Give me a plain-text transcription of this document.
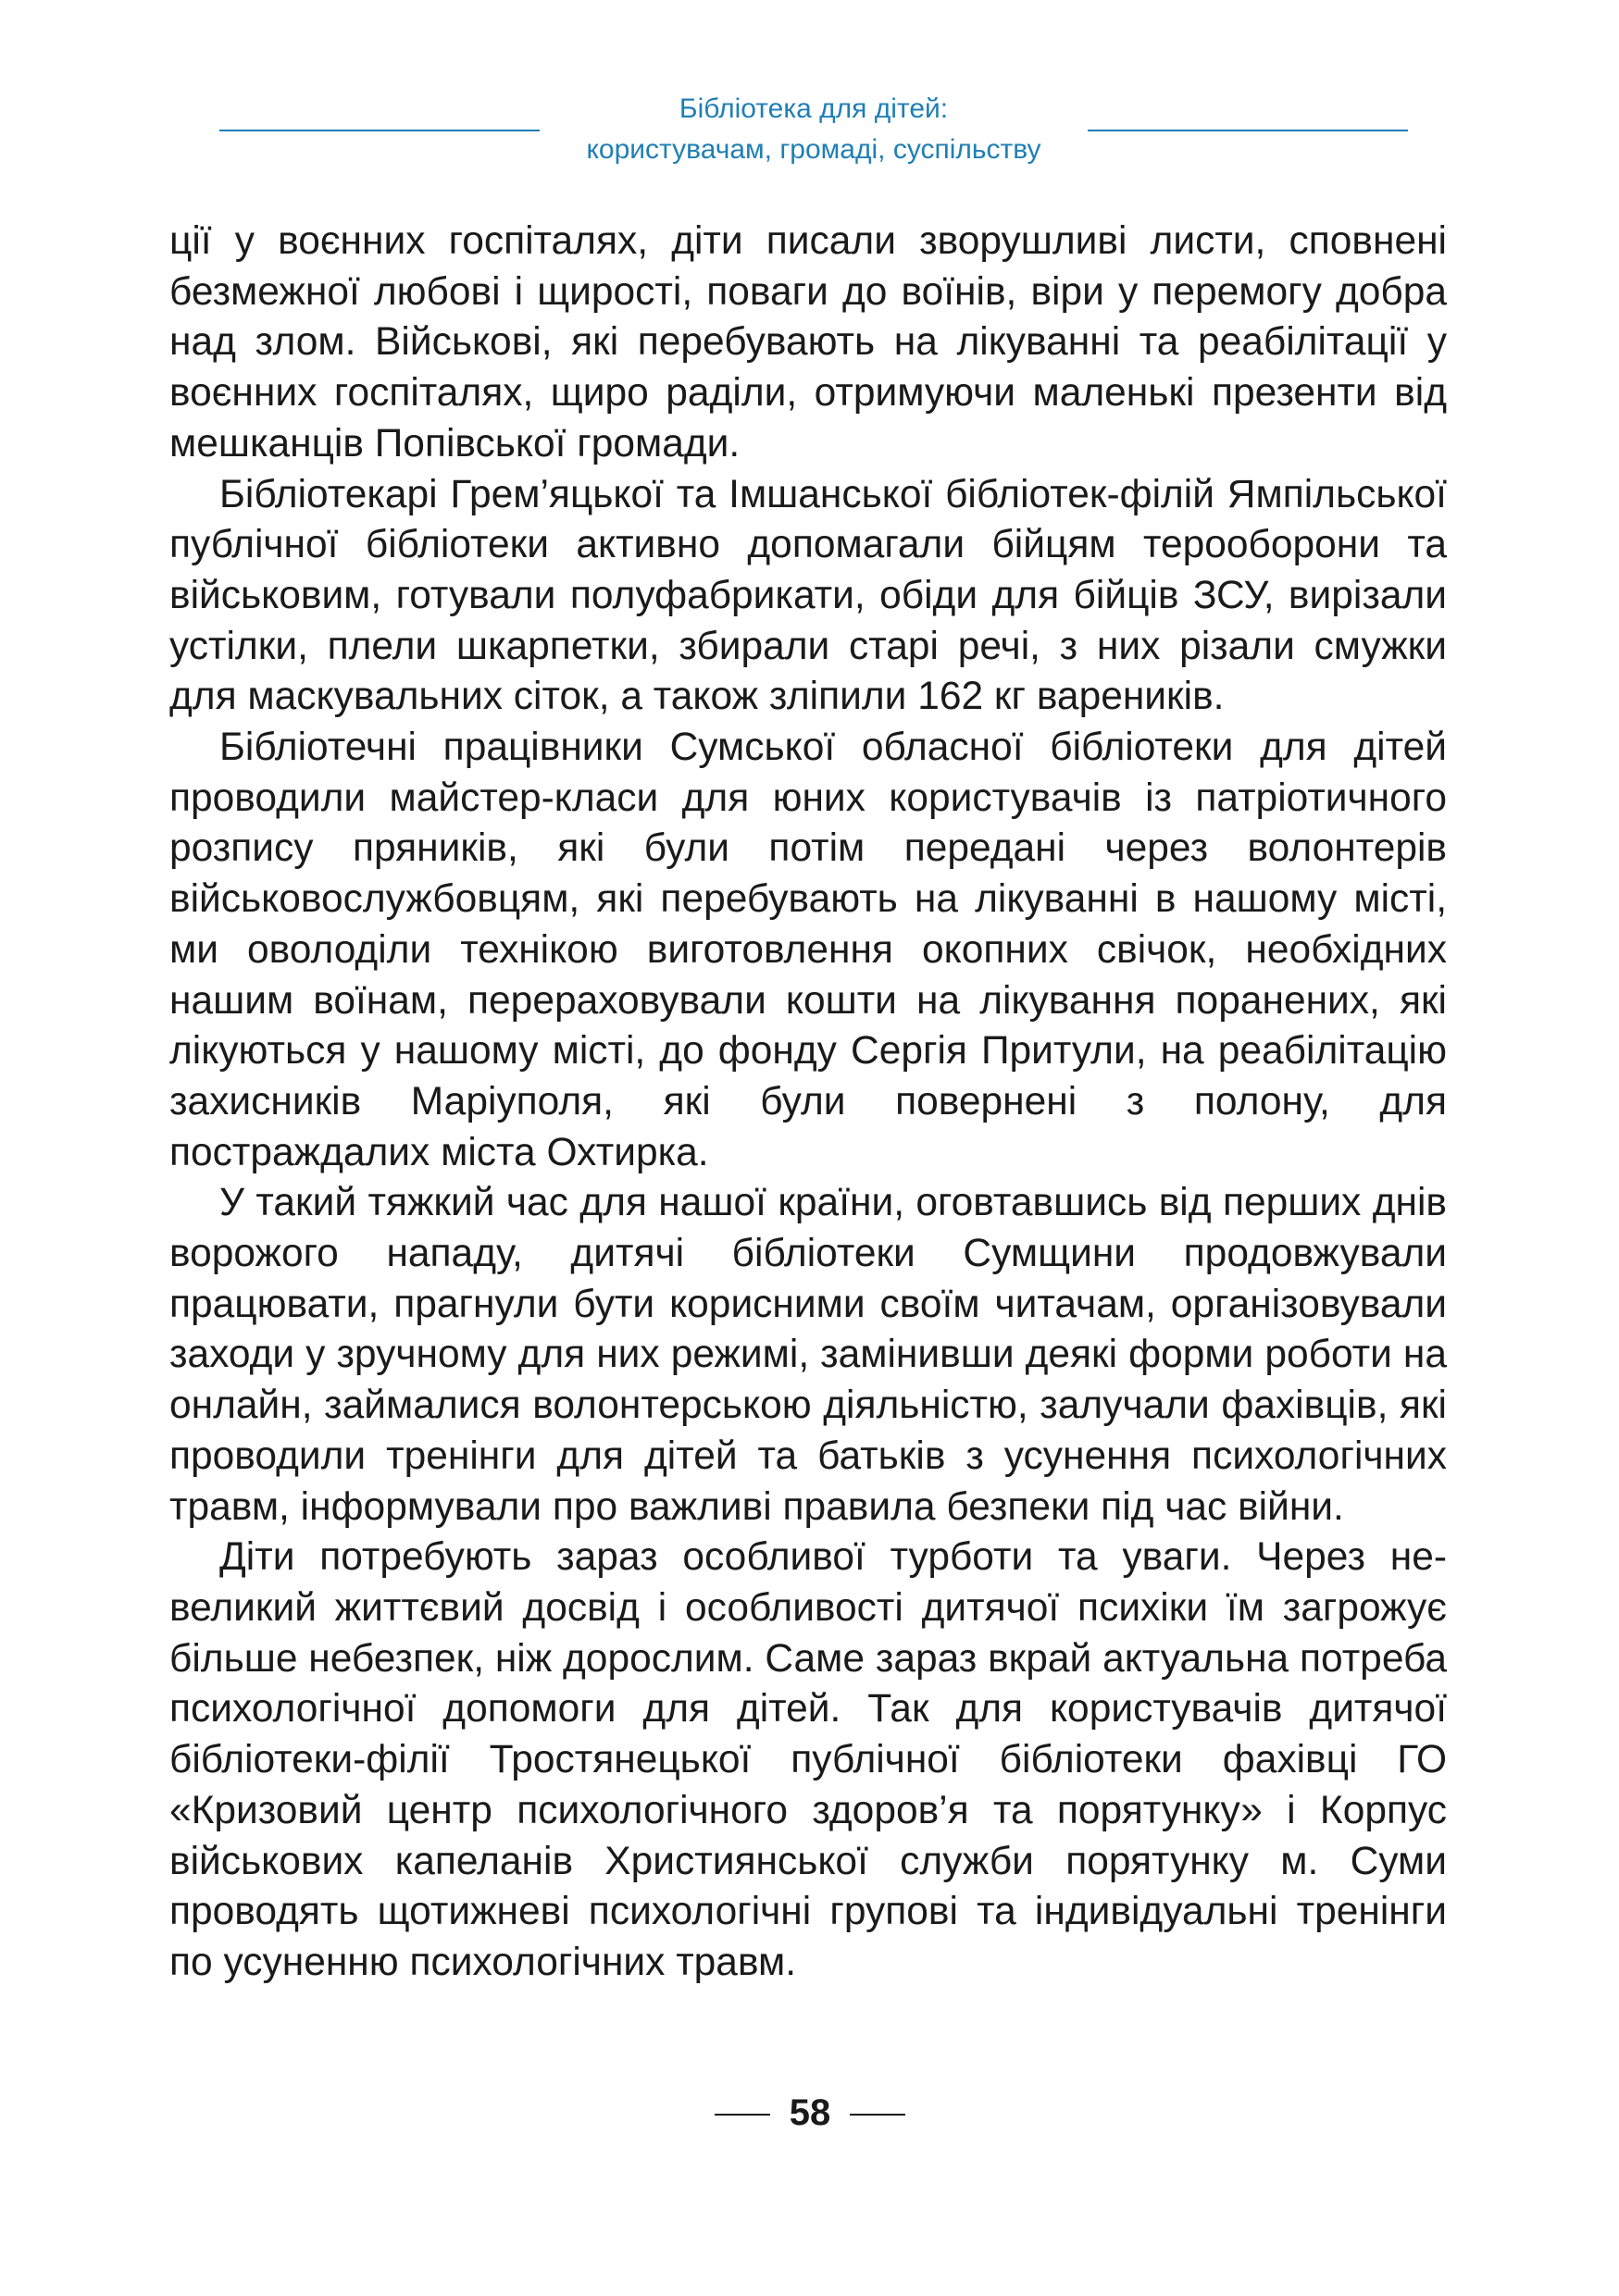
Бібліотека для дітей:
користувачам, громаді, суспільству

ції у воєнних госпіталях, діти писали зворушливі листи, сповнені безмежної любові і щирості, поваги до воїнів, віри у перемогу добра над злом. Військові, які перебувають на лікуванні та реабілітації у воєнних госпіталях, щиро раділи, отримуючи маленькі презенти від мешканців Попівської громади.

Бібліотекарі Грем’яцької та Імшанської бібліотек-філій Ямпільської публічної бібліотеки активно допомагали бійцям терооборони та військовим, готували полуфабрикати, обіди для бійців ЗСУ, вирізали устілки, плели шкарпетки, збирали старі речі, з них різали смужки для маскувальних сіток, а також зліпили 162 кг вареників.

Бібліотечні працівники Сумської обласної бібліотеки для дітей проводили майстер-класи для юних користувачів із патріотичного розпису пряників, які були потім передані через волонтерів військовослужбовцям, які перебувають на лікуванні в нашому місті, ми оволоділи технікою виготовлення окопних свічок, необхідних нашим воїнам, перераховували кошти на лікування поранених, які лікуються у нашому місті, до фонду Сергія Притули, на реабілітацію захисників Маріуполя, які були повернені з полону, для постраждалих міста Охтирка.

У такий тяжкий час для нашої країни, оговтавшись від перших днів ворожого нападу, дитячі бібліотеки Сумщини продовжували працювати, прагнули бути корисними своїм читачам, організовували заходи у зручному для них режимі, замінивши деякі форми роботи на онлайн, займалися волонтерською діяльністю, залучали фахівців, які проводили тренінги для дітей та батьків з усунення психологічних травм, інформували про важливі правила безпеки під час війни.

Діти потребують зараз особливої турботи та уваги. Через невеликий життєвий досвід і особливості дитячої психіки їм загрожує більше небезпек, ніж дорослим. Саме зараз вкрай актуальна потреба психологічної допомоги для дітей. Так для користувачів дитячої бібліотеки-філії Тростянецької публічної бібліотеки фахівці ГО «Кризовий центр психологічного здоров’я та порятунку» і Корпус військових капеланів Християнської служби порятунку м. Суми проводять щотижневі психологічні групові та індивідуальні тренінги по усуненню психологічних травм.

58
